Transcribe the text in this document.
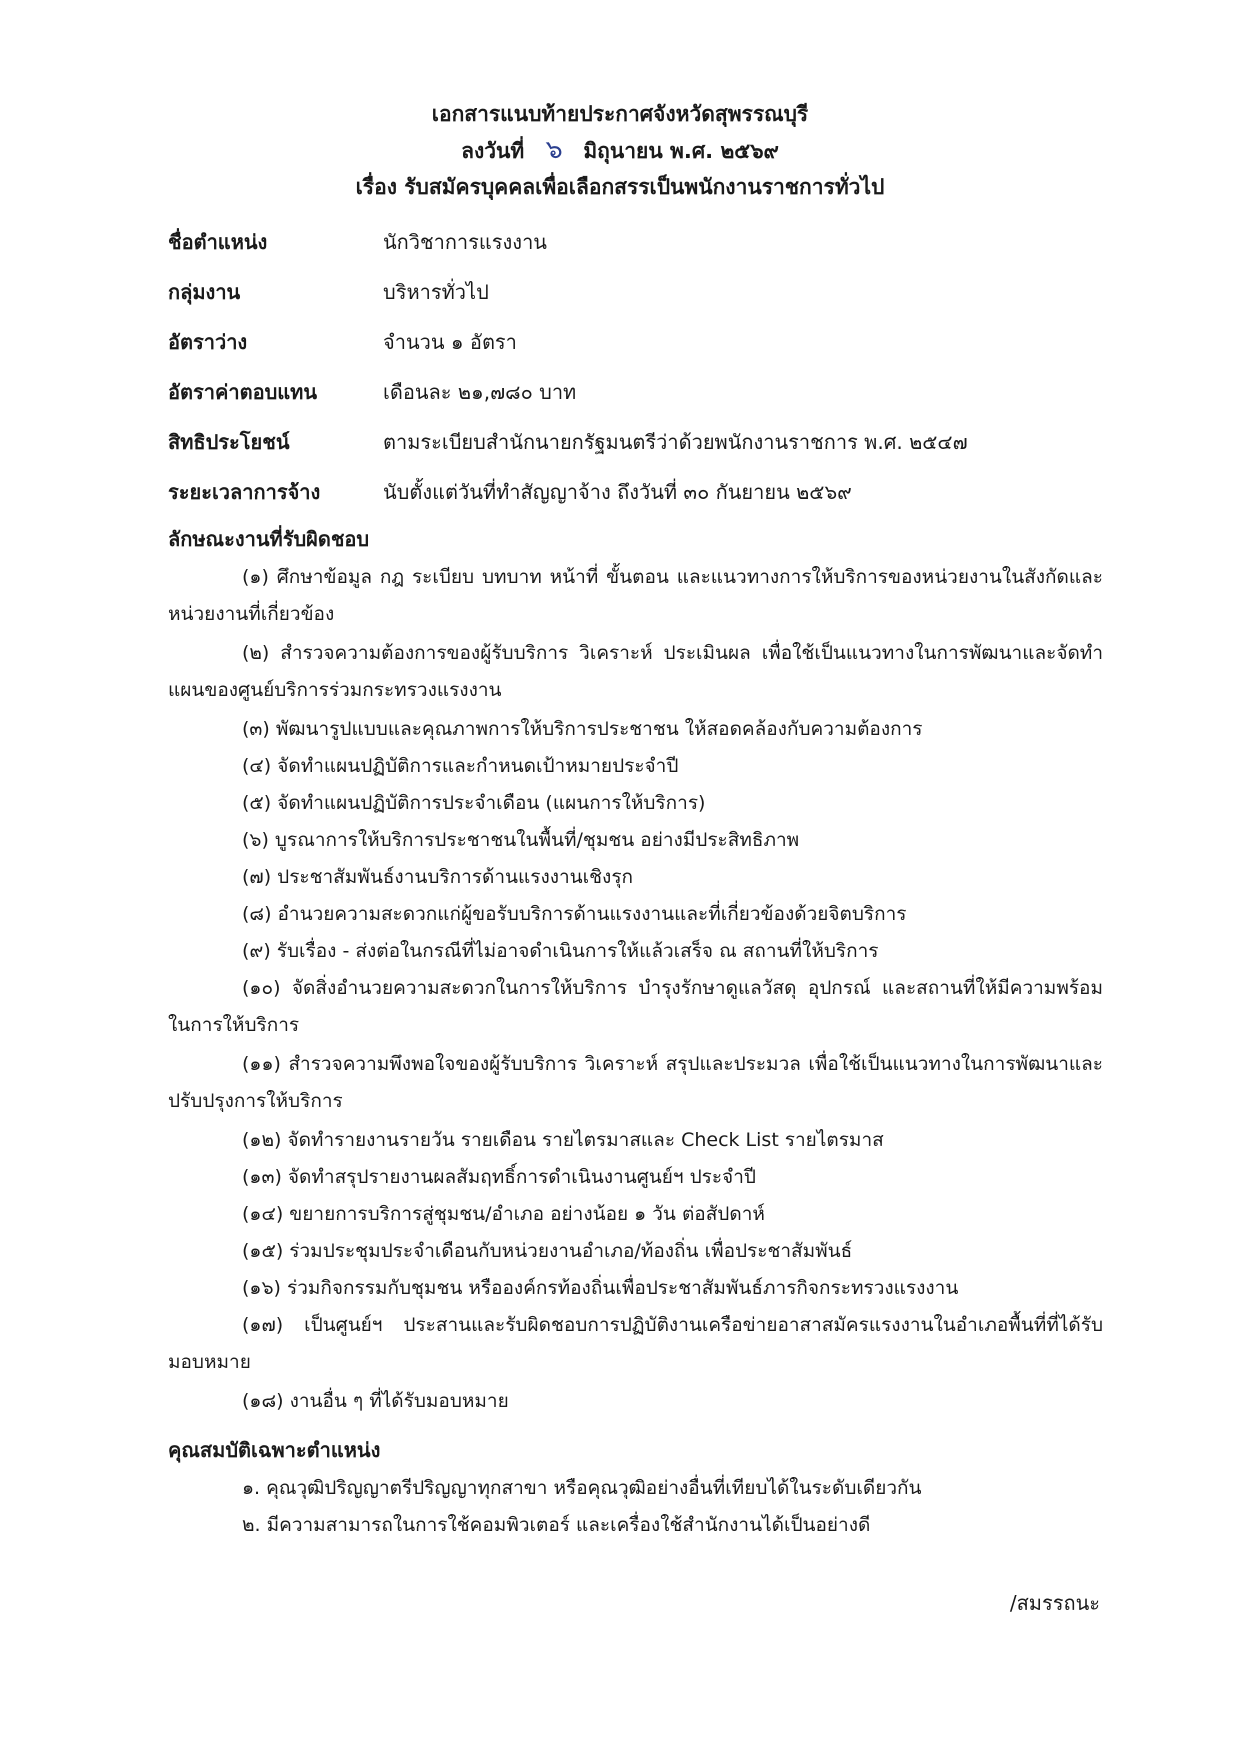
เอกสารแนบท้ายประกาศจังหวัดสุพรรณบุรี
ลงวันที่ ๖ มิถุนายน พ.ศ. ๒๕๖๙
เรื่อง รับสมัครบุคคลเพื่อเลือกสรรเป็นพนักงานราชการทั่วไป
ชื่อตำแหน่ง	นักวิชาการแรงงาน
กลุ่มงาน	บริหารทั่วไป
อัตราว่าง	จำนวน ๑ อัตรา
อัตราค่าตอบแทน	เดือนละ ๒๑,๗๘๐ บาท
สิทธิประโยชน์	ตามระเบียบสำนักนายกรัฐมนตรีว่าด้วยพนักงานราชการ พ.ศ. ๒๕๔๗
ระยะเวลาการจ้าง	นับตั้งแต่วันที่ทำสัญญาจ้าง ถึงวันที่ ๓๐ กันยายน ๒๕๖๙
ลักษณะงานที่รับผิดชอบ
(๑) ศึกษาข้อมูล กฎ ระเบียบ บทบาท หน้าที่ ขั้นตอน และแนวทางการให้บริการของหน่วยงานในสังกัดและหน่วยงานที่เกี่ยวข้อง
(๒) สำรวจความต้องการของผู้รับบริการ วิเคราะห์ ประเมินผล เพื่อใช้เป็นแนวทางในการพัฒนาและจัดทำแผนของศูนย์บริการร่วมกระทรวงแรงงาน
(๓) พัฒนารูปแบบและคุณภาพการให้บริการประชาชน ให้สอดคล้องกับความต้องการ
(๔) จัดทำแผนปฏิบัติการและกำหนดเป้าหมายประจำปี
(๕) จัดทำแผนปฏิบัติการประจำเดือน (แผนการให้บริการ)
(๖) บูรณาการให้บริการประชาชนในพื้นที่/ชุมชน อย่างมีประสิทธิภาพ
(๗) ประชาสัมพันธ์งานบริการด้านแรงงานเชิงรุก
(๘) อำนวยความสะดวกแก่ผู้ขอรับบริการด้านแรงงานและที่เกี่ยวข้องด้วยจิตบริการ
(๙) รับเรื่อง - ส่งต่อในกรณีที่ไม่อาจดำเนินการให้แล้วเสร็จ ณ สถานที่ให้บริการ
(๑๐) จัดสิ่งอำนวยความสะดวกในการให้บริการ บำรุงรักษาดูแลวัสดุ อุปกรณ์ และสถานที่ให้มีความพร้อมในการให้บริการ
(๑๑) สำรวจความพึงพอใจของผู้รับบริการ วิเคราะห์ สรุปและประมวล เพื่อใช้เป็นแนวทางในการพัฒนาและปรับปรุงการให้บริการ
(๑๒) จัดทำรายงานรายวัน รายเดือน รายไตรมาสและ Check List รายไตรมาส
(๑๓) จัดทำสรุปรายงานผลสัมฤทธิ์การดำเนินงานศูนย์ฯ ประจำปี
(๑๔) ขยายการบริการสู่ชุมชน/อำเภอ อย่างน้อย ๑ วัน ต่อสัปดาห์
(๑๕) ร่วมประชุมประจำเดือนกับหน่วยงานอำเภอ/ท้องถิ่น เพื่อประชาสัมพันธ์
(๑๖) ร่วมกิจกรรมกับชุมชน หรือองค์กรท้องถิ่นเพื่อประชาสัมพันธ์ภารกิจกระทรวงแรงงาน
(๑๗) เป็นศูนย์ฯ ประสานและรับผิดชอบการปฏิบัติงานเครือข่ายอาสาสมัครแรงงานในอำเภอพื้นที่ที่ได้รับมอบหมาย
(๑๘) งานอื่น ๆ ที่ได้รับมอบหมาย
คุณสมบัติเฉพาะตำแหน่ง
๑. คุณวุฒิปริญญาตรีปริญญาทุกสาขา หรือคุณวุฒิอย่างอื่นที่เทียบได้ในระดับเดียวกัน
๒. มีความสามารถในการใช้คอมพิวเตอร์ และเครื่องใช้สำนักงานได้เป็นอย่างดี
/สมรรถนะ
